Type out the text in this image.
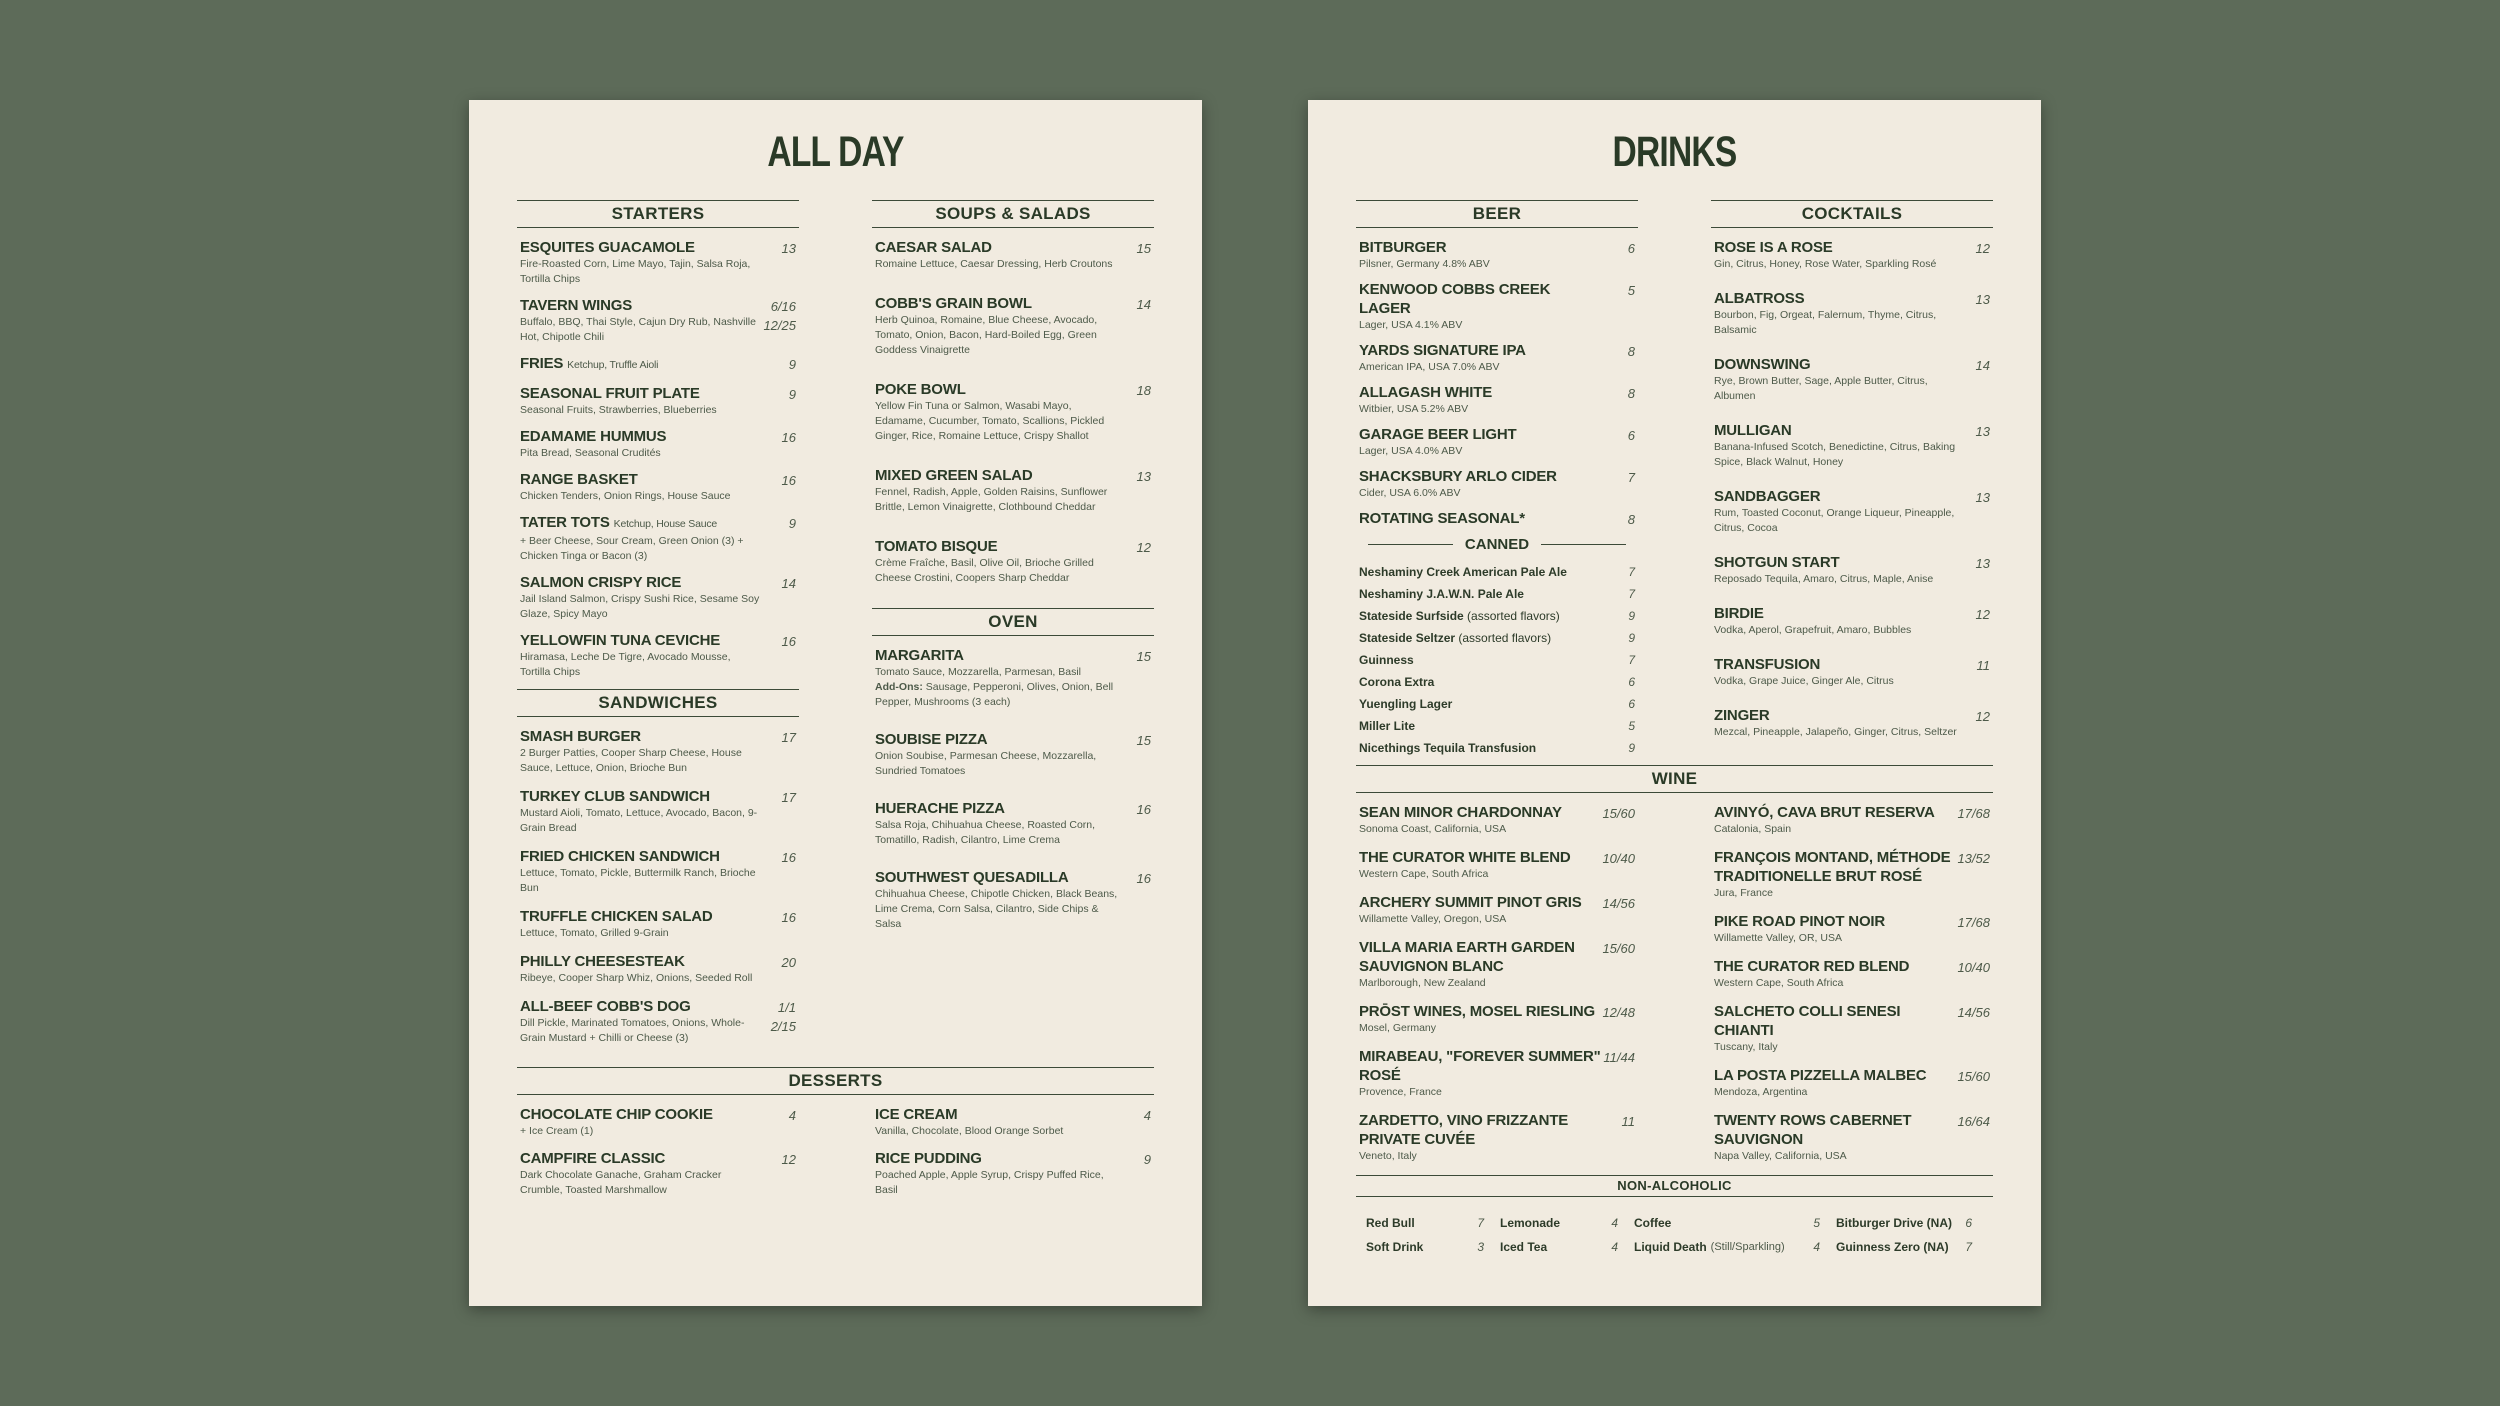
ALL DAY
STARTERS
ESQUITES GUACAMOLE
Fire-Roasted Corn, Lime Mayo, Tajin, Salsa Roja, Tortilla Chips
13
TAVERN WINGS
Buffalo, BBQ, Thai Style, Cajun Dry Rub, Nashville Hot, Chipotle Chili
6/16
12/25
FRIES Ketchup, Truffle Aioli	9
SEASONAL FRUIT PLATE
Seasonal Fruits, Strawberries, Blueberries
9
EDAMAME HUMMUS
Pita Bread, Seasonal Crudités
16
RANGE BASKET
Chicken Tenders, Onion Rings, House Sauce
16
TATER TOTS Ketchup, House Sauce
+ Beer Cheese, Sour Cream, Green Onion (3) + Chicken Tinga or Bacon (3)
9
SALMON CRISPY RICE
Jail Island Salmon, Crispy Sushi Rice, Sesame Soy Glaze, Spicy Mayo
14
YELLOWFIN TUNA CEVICHE
Hiramasa, Leche De Tigre, Avocado Mousse, Tortilla Chips
16
SANDWICHES
SMASH BURGER
2 Burger Patties, Cooper Sharp Cheese, House Sauce, Lettuce, Onion, Brioche Bun
17
TURKEY CLUB SANDWICH
Mustard Aioli, Tomato, Lettuce, Avocado, Bacon, 9-Grain Bread
17
FRIED CHICKEN SANDWICH
Lettuce, Tomato, Pickle, Buttermilk Ranch, Brioche Bun
16
TRUFFLE CHICKEN SALAD
Lettuce, Tomato, Grilled 9-Grain
16
PHILLY CHEESESTEAK
Ribeye, Cooper Sharp Whiz, Onions, Seeded Roll
20
ALL-BEEF COBB'S DOG
Dill Pickle, Marinated Tomatoes, Onions, Whole-Grain Mustard + Chilli or Cheese (3)
1/1
2/15
SOUPS & SALADS
CAESAR SALAD
Romaine Lettuce, Caesar Dressing, Herb Croutons
15
COBB'S GRAIN BOWL
Herb Quinoa, Romaine, Blue Cheese, Avocado, Tomato, Onion, Bacon, Hard-Boiled Egg, Green Goddess Vinaigrette
14
POKE BOWL
Yellow Fin Tuna or Salmon, Wasabi Mayo, Edamame, Cucumber, Tomato, Scallions, Pickled Ginger, Rice, Romaine Lettuce, Crispy Shallot
18
MIXED GREEN SALAD
Fennel, Radish, Apple, Golden Raisins, Sunflower Brittle, Lemon Vinaigrette, Clothbound Cheddar
13
TOMATO BISQUE
Crème Fraîche, Basil, Olive Oil, Brioche Grilled Cheese Crostini, Coopers Sharp Cheddar
12
OVEN
MARGARITA
Tomato Sauce, Mozzarella, Parmesan, Basil
Add-Ons: Sausage, Pepperoni, Olives, Onion, Bell Pepper, Mushrooms (3 each)
15
SOUBISE PIZZA
Onion Soubise, Parmesan Cheese, Mozzarella, Sundried Tomatoes
15
HUERACHE PIZZA
Salsa Roja, Chihuahua Cheese, Roasted Corn, Tomatillo, Radish, Cilantro, Lime Crema
16
SOUTHWEST QUESADILLA
Chihuahua Cheese, Chipotle Chicken, Black Beans, Lime Crema, Corn Salsa, Cilantro, Side Chips & Salsa
16
DESSERTS
CHOCOLATE CHIP COOKIE
+ Ice Cream (1)
4
CAMPFIRE CLASSIC
Dark Chocolate Ganache, Graham Cracker Crumble, Toasted Marshmallow
12
ICE CREAM
Vanilla, Chocolate, Blood Orange Sorbet
4
RICE PUDDING
Poached Apple, Apple Syrup, Crispy Puffed Rice, Basil
9
DRINKS
BEER
BITBURGER
Pilsner, Germany 4.8% ABV
6
KENWOOD COBBS CREEK LAGER
Lager, USA 4.1% ABV
5
YARDS SIGNATURE IPA
American IPA, USA 7.0% ABV
8
ALLAGASH WHITE
Witbier, USA 5.2% ABV
8
GARAGE BEER LIGHT
Lager, USA 4.0% ABV
6
SHACKSBURY ARLO CIDER
Cider, USA 6.0% ABV
7
ROTATING SEASONAL*	8
CANNED
Neshaminy Creek American Pale Ale	7
Neshaminy J.A.W.N. Pale Ale	7
Stateside Surfside (assorted flavors)	9
Stateside Seltzer (assorted flavors)	9
Guinness	7
Corona Extra	6
Yuengling Lager	6
Miller Lite	5
Nicethings Tequila Transfusion	9
COCKTAILS
ROSE IS A ROSE
Gin, Citrus, Honey, Rose Water, Sparkling Rosé
12
ALBATROSS
Bourbon, Fig, Orgeat, Falernum, Thyme, Citrus, Balsamic
13
DOWNSWING
Rye, Brown Butter, Sage, Apple Butter, Citrus, Albumen
14
MULLIGAN
Banana-Infused Scotch, Benedictine, Citrus, Baking Spice, Black Walnut, Honey
13
SANDBAGGER
Rum, Toasted Coconut, Orange Liqueur, Pineapple, Citrus, Cocoa
13
SHOTGUN START
Reposado Tequila, Amaro, Citrus, Maple, Anise
13
BIRDIE
Vodka, Aperol, Grapefruit, Amaro, Bubbles
12
TRANSFUSION
Vodka, Grape Juice, Ginger Ale, Citrus
11
ZINGER
Mezcal, Pineapple, Jalapeño, Ginger, Citrus, Seltzer
12
WINE
SEAN MINOR CHARDONNAY
Sonoma Coast, California, USA
15/60
THE CURATOR WHITE BLEND
Western Cape, South Africa
10/40
ARCHERY SUMMIT PINOT GRIS
Willamette Valley, Oregon, USA
14/56
VILLA MARIA EARTH GARDEN SAUVIGNON BLANC
Marlborough, New Zealand
15/60
PRŌST WINES, MOSEL RIESLING
Mosel, Germany
12/48
MIRABEAU, "FOREVER SUMMER" ROSÉ
Provence, France
11/44
ZARDETTO, VINO FRIZZANTE PRIVATE CUVÉE
Veneto, Italy
11
AVINYÓ, CAVA BRUT RESERVA
Catalonia, Spain
17/68
FRANÇOIS MONTAND, MÉTHODE TRADITIONELLE BRUT ROSÉ
Jura, France
13/52
PIKE ROAD PINOT NOIR
Willamette Valley, OR, USA
17/68
THE CURATOR RED BLEND
Western Cape, South Africa
10/40
SALCHETO COLLI SENESI CHIANTI
Tuscany, Italy
14/56
LA POSTA PIZZELLA MALBEC
Mendoza, Argentina
15/60
TWENTY ROWS CABERNET SAUVIGNON
Napa Valley, California, USA
16/64
NON-ALCOHOLIC
Red Bull	7	Lemonade	4	Coffee	5	Bitburger Drive (NA) 6
Soft Drink	3	Iced Tea	4	Liquid Death (Still/Sparkling) 4	Guinness Zero (NA) 7
